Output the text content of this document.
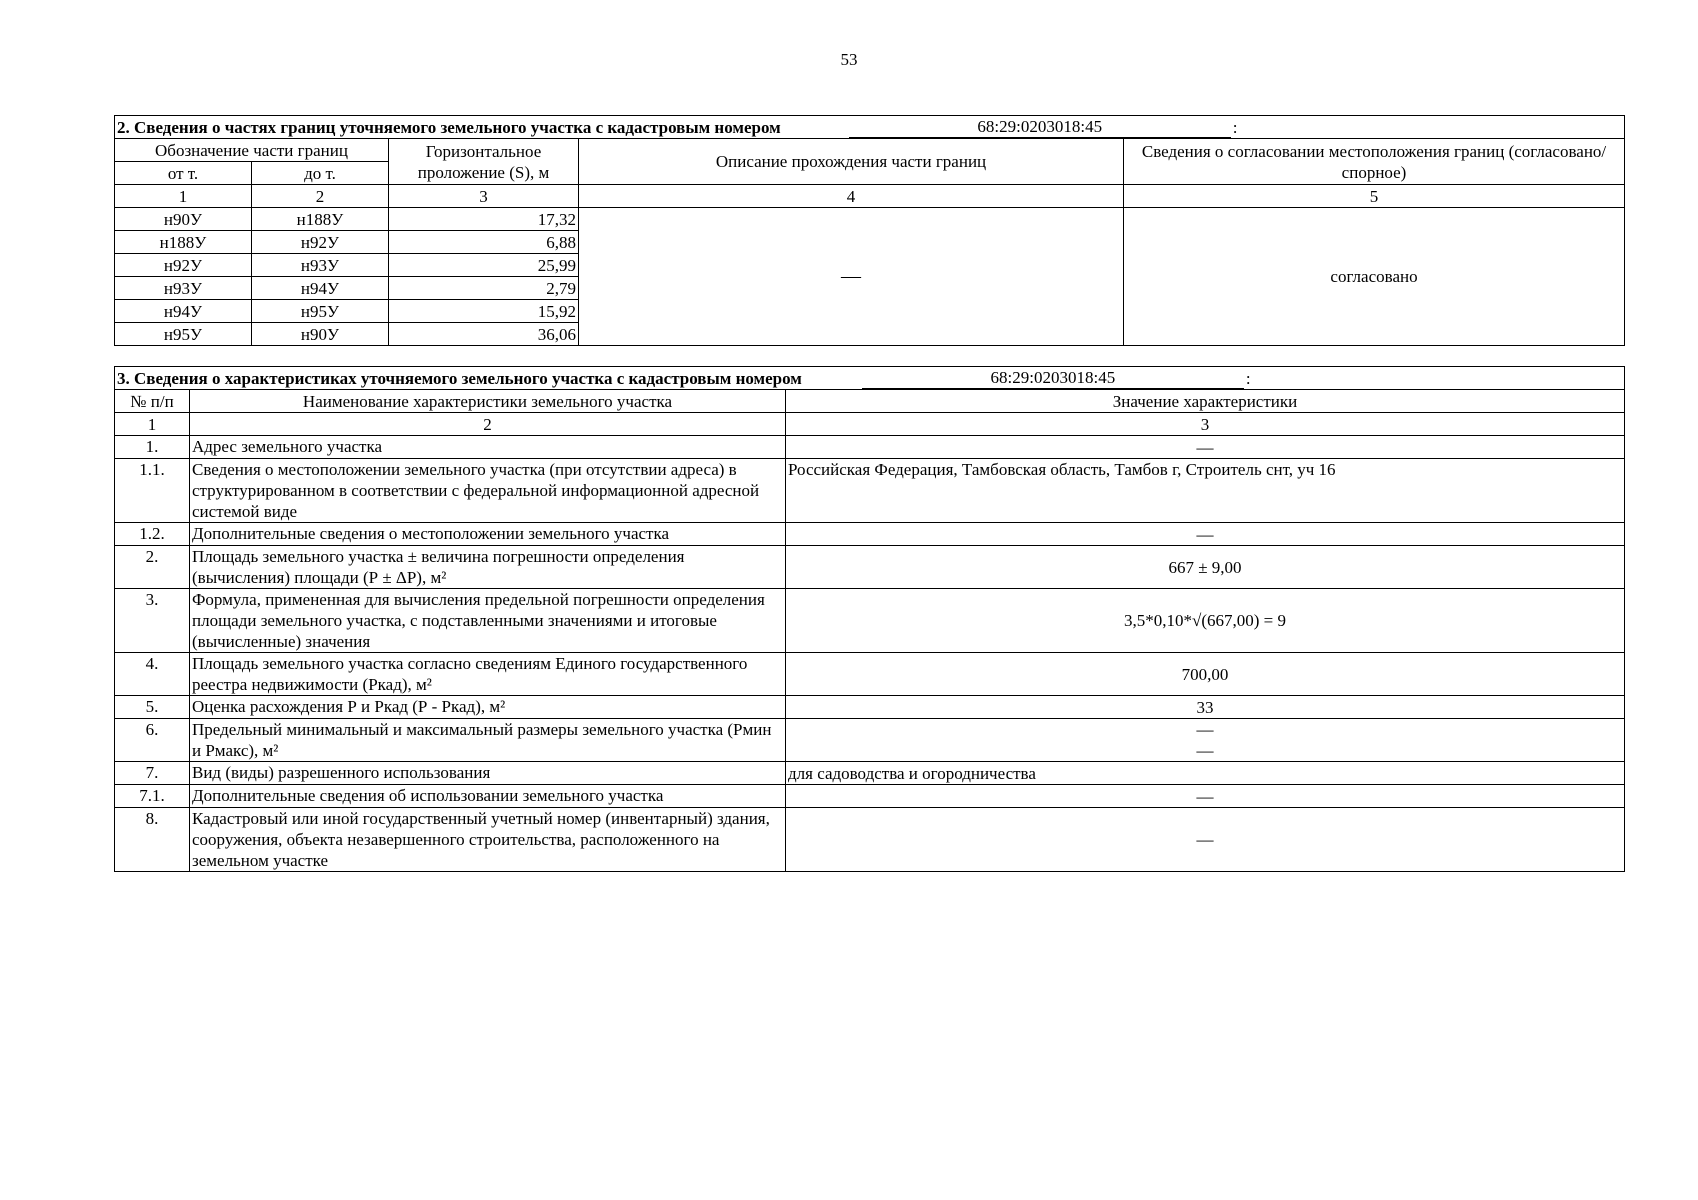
53
2. Сведения о частях границ уточняемого земельного участка с кадастровым номером 68:29:0203018:45 :				

Обозначение части границ		Горизонтальное проложение (S), м	Описание прохождения части границ	Сведения о согласовании местоположения границ (согласовано/спорное)
от т.	до т.			
1	2	3	4	5
н90У	н188У	17,32	—	согласовано
н188У	н92У	6,88		
н92У	н93У	25,99		
н93У	н94У	2,79		
н94У	н95У	15,92		
н95У	н90У	36,06		
3. Сведения о характеристиках уточняемого земельного участка с кадастровым номером 68:29:0203018:45 :		

№ п/п	Наименование характеристики земельного участка	Значение характеристики
1	2	3
1.	Адрес земельного участка	—
1.1.	Сведения о местоположении земельного участка (при отсутствии адреса) в структурированном в соответствии с федеральной информационной адресной системой виде	Российская Федерация, Тамбовская область, Тамбов г, Строитель снт, уч 16
1.2.	Дополнительные сведения о местоположении земельного участка	—
2.	Площадь земельного участка ± величина погрешности определения (вычисления) площади (Р ± ΔР), м²	667 ± 9,00
3.	Формула, примененная для вычисления предельной погрешности определения площади земельного участка, с подставленными значениями и итоговые (вычисленные) значения	3,5*0,10*√(667,00) = 9
4.	Площадь земельного участка согласно сведениям Единого государственного реестра недвижимости (Ркад), м²	700,00
5.	Оценка расхождения Р и Ркад (Р - Ркад), м²	33
6.	Предельный минимальный и максимальный размеры земельного участка (Рмин и Рмакс), м²	—
—

7.	Вид (виды) разрешенного использования	для садоводства и огородничества
7.1.	Дополнительные сведения об использовании земельного участка	—
8.	Кадастровый или иной государственный учетный номер (инвентарный) здания, сооружения, объекта незавершенного строительства, расположенного на земельном участке	—
